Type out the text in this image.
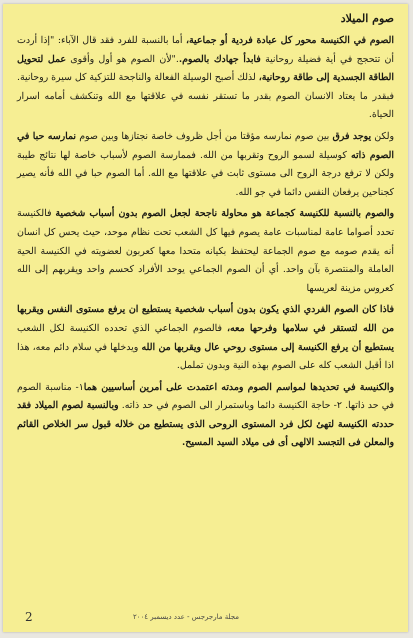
صوم الميلاد

الصوم في الكنيسة محور كل عبادة فردية أو جماعية، أما بالنسبة للفرد فقد قال الآباء: "إذا أردت أن تتحجج في أية فضيلة روحانية فابدأ جهادك بالصوم.."لأن الصوم هو أول وأقوى عمل لتحويل الطاقة الجسدية إلى طاقة روحانية، لذلك أصبح الوسيلة الفعالة والناجحة للتزكية كل سيرة روحانية. فبقدر ما يعتاد الانسان الصوم بقدر ما تستقر نفسه في علاقتها مع الله وتنكشف أمامه اسرار الحياة.

ولكن يوجد فرق بين صوم نمارسه مؤقتا من أجل ظروف خاصة نجتازها وبين صوم نمارسه حبا في الصوم ذاته كوسيلة لسمو الروح وتقربها من الله. فممارسة الصوم لأسباب خاصة لها نتائج طيبة ولكن لا ترفع درجة الروح الى مستوى ثابت في علاقتها مع الله. أما الصوم حبا في الله فأنه يصير كجناحين يرفعان النفس دائما في جو الله.

والصوم بالنسبة للكنيسة كجماعة هو محاولة ناجحة لجعل الصوم بدون أسباب شخصية فالكنيسة تحدد أصواما عامة لمناسبات عامة يصوم فيها كل الشعب تحت نظام موحد، حيث يحس كل انسان أنه يقدم صومه مع صوم الجماعة ليحتفظ بكيانه متحدا معها كعربون لعضويته في الكنيسة الحية العاملة والمنتصرة بآن واحد. أي أن الصوم الجماعي يوحد الأفراد كحسم واحد ويقربهم إلى الله كعروس مزينة لعريسها

فاذا كان الصوم الفردي الذي يكون بدون أسباب شخصية يستطيع ان يرفع مستوى النفس ويقربها من الله لتستقر في سلامها وفرحها معه، فالصوم الجماعي الذي تحدده الكنيسة لكل الشعب يستطيع أن يرفع الكنيسة إلى مستوى روحي عال ويقربها من الله ويدخلها في سلام دائم معه، هذا اذا أقبل الشعب كله على الصوم بهذه النية وبدون تململ.

والكنيسة في تحديدها لمواسم الصوم ومدته اعتمدت على أمرين أساسيين هما١- مناسبة الصوم في حد ذاتها. ٢- حاجة الكنيسة دائما وباستمرار الى الصوم في حد ذاته. وبالنسبة لصوم الميلاد فقد حددته الكنيسة لتهئ لكل فرد المستوى الروحى الذى يستطيع من خلاله قبول سر الخلاص القائم والمعلن فى التجسد الالهى أى فى ميلاد السيد المسيح.

مجلة مارجرجس - عدد ديسمبر ٢٠٠٤
2
